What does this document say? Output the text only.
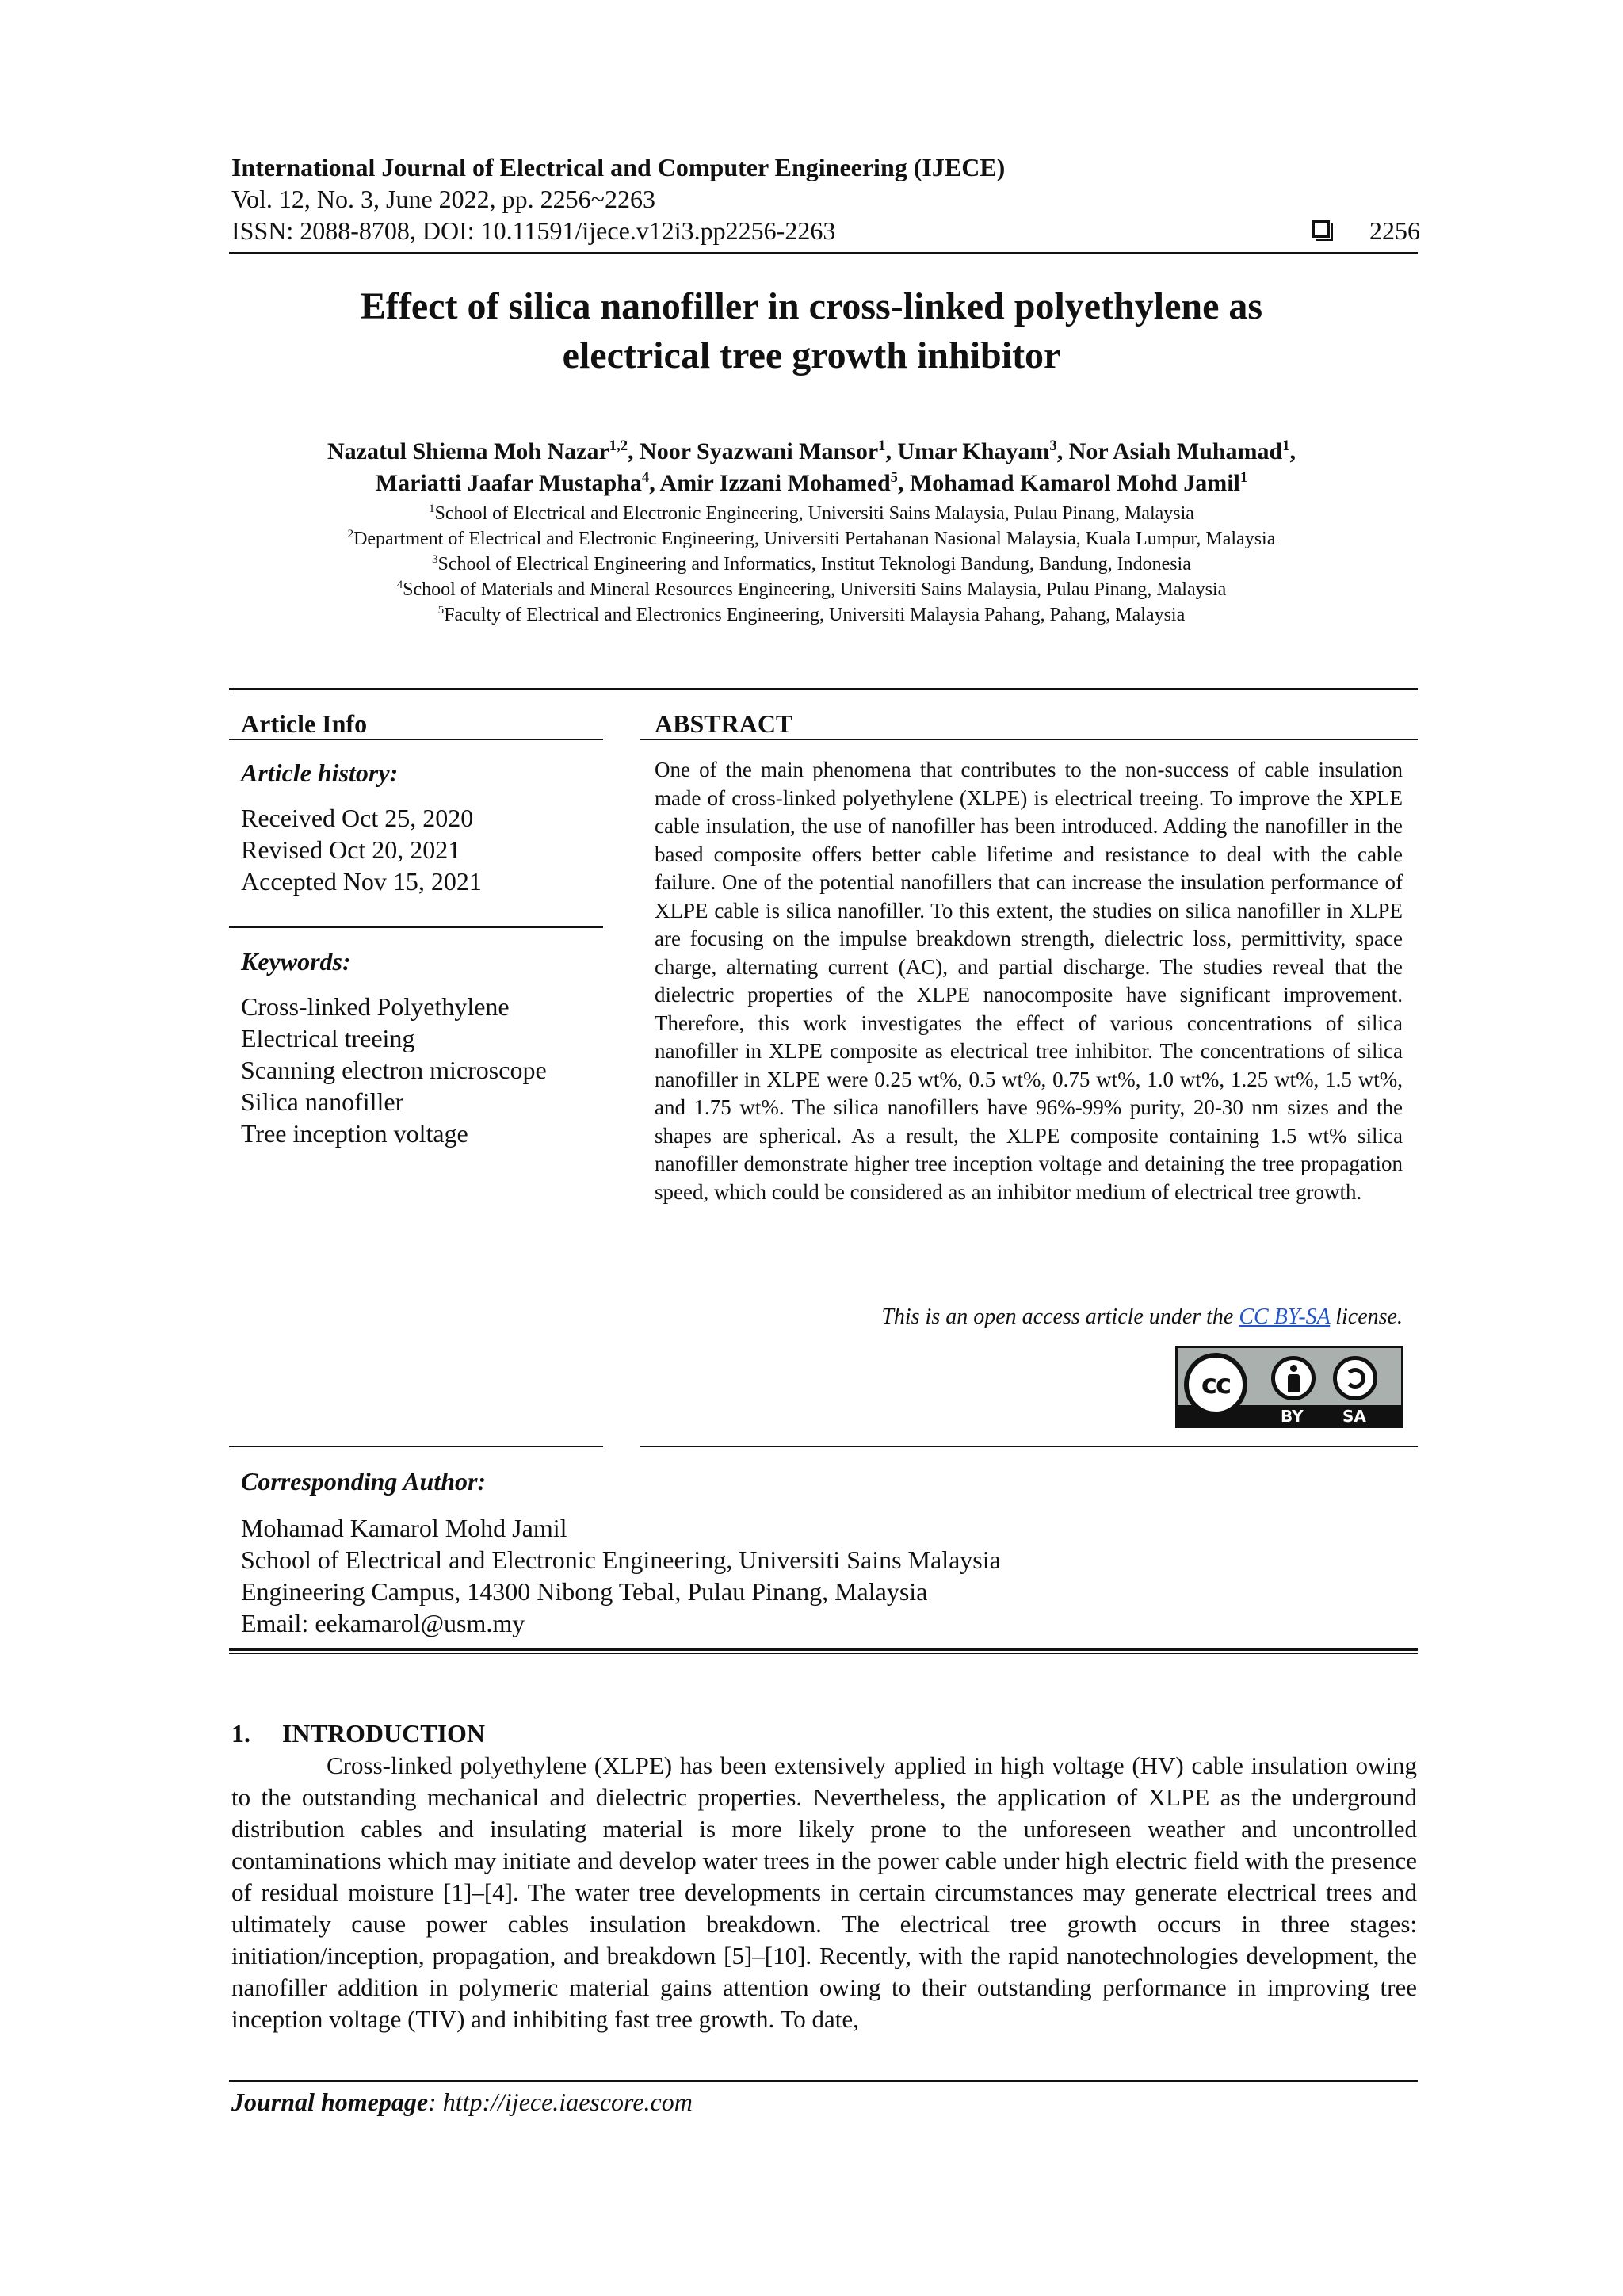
International Journal of Electrical and Computer Engineering (IJECE)
Vol. 12, No. 3, June 2022, pp. 2256~2263
ISSN: 2088-8708, DOI: 10.11591/ijece.v12i3.pp2256-2263	2256
Effect of silica nanofiller in cross-linked polyethylene as
electrical tree growth inhibitor
Nazatul Shiema Moh Nazar$^{1,2}$, Noor Syazwani Mansor$^1$, Umar Khayam$^3$, Nor Asiah Muhamad$^1$,
Mariatti Jaafar Mustapha$^4$, Amir Izzani Mohamed$^5$, Mohamad Kamarol Mohd Jamil$^1$
$^1$School of Electrical and Electronic Engineering, Universiti Sains Malaysia, Pulau Pinang, Malaysia
$^2$Department of Electrical and Electronic Engineering, Universiti Pertahanan Nasional Malaysia, Kuala Lumpur, Malaysia
$^3$School of Electrical Engineering and Informatics, Institut Teknologi Bandung, Bandung, Indonesia
$^4$School of Materials and Mineral Resources Engineering, Universiti Sains Malaysia, Pulau Pinang, Malaysia
$^5$Faculty of Electrical and Electronics Engineering, Universiti Malaysia Pahang, Pahang, Malaysia
Article Info
Article history:
Received Oct 25, 2020
Revised Oct 20, 2021
Accepted Nov 15, 2021
Keywords:
Cross-linked Polyethylene
Electrical treeing
Scanning electron microscope
Silica nanofiller
Tree inception voltage
ABSTRACT
One of the main phenomena that contributes to the non-success of cable insulation made of cross-linked polyethylene (XLPE) is electrical treeing. To improve the XPLE cable insulation, the use of nanofiller has been introduced. Adding the nanofiller in the based composite offers better cable lifetime and resistance to deal with the cable failure. One of the potential nanofillers that can increase the insulation performance of XLPE cable is silica nanofiller. To this extent, the studies on silica nanofiller in XLPE are focusing on the impulse breakdown strength, dielectric loss, permittivity, space charge, alternating current (AC), and partial discharge. The studies reveal that the dielectric properties of the XLPE nanocomposite have significant improvement. Therefore, this work investigates the effect of various concentrations of silica nanofiller in XLPE composite as electrical tree inhibitor. The concentrations of silica nanofiller in XLPE were 0.25 wt%, 0.5 wt%, 0.75 wt%, 1.0 wt%, 1.25 wt%, 1.5 wt%, and 1.75 wt%. The silica nanofillers have 96%-99% purity, 20-30 nm sizes and the shapes are spherical. As a result, the XLPE composite containing 1.5 wt% silica nanofiller demonstrate higher tree inception voltage and detaining the tree propagation speed, which could be considered as an inhibitor medium of electrical tree growth.
This is an open access article under the CC BY-SA license.
cc
BY SA
Corresponding Author:
Mohamad Kamarol Mohd Jamil
School of Electrical and Electronic Engineering, Universiti Sains Malaysia
Engineering Campus, 14300 Nibong Tebal, Pulau Pinang, Malaysia
Email: eekamarol@usm.my
1. INTRODUCTION
Cross-linked polyethylene (XLPE) has been extensively applied in high voltage (HV) cable insulation owing to the outstanding mechanical and dielectric properties. Nevertheless, the application of XLPE as the underground distribution cables and insulating material is more likely prone to the unforeseen weather and uncontrolled contaminations which may initiate and develop water trees in the power cable under high electric field with the presence of residual moisture [1]–[4]. The water tree developments in certain circumstances may generate electrical trees and ultimately cause power cables insulation breakdown. The electrical tree growth occurs in three stages: initiation/inception, propagation, and breakdown [5]–[10]. Recently, with the rapid nanotechnologies development, the nanofiller addition in polymeric material gains attention owing to their outstanding performance in improving tree inception voltage (TIV) and inhibiting fast tree growth. To date,
Journal homepage: http://ijece.iaescore.com
